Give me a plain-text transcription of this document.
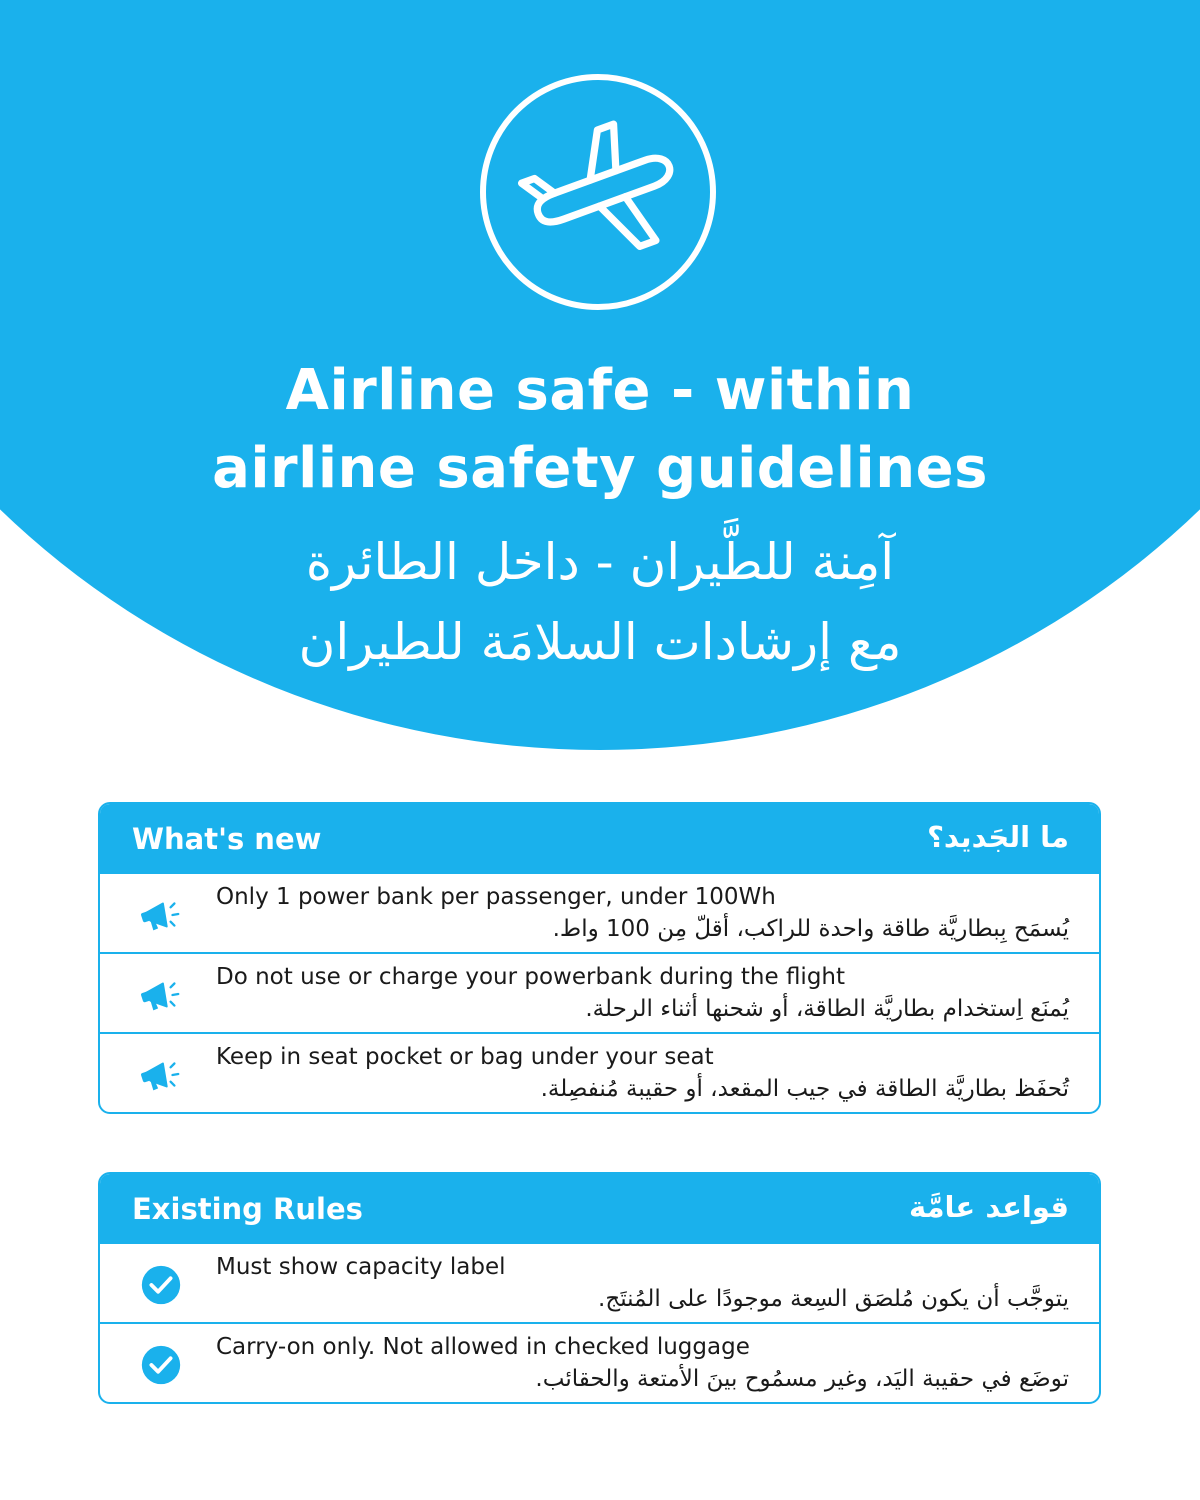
Airline safe - within
airline safety guidelines
آمِنة للطَّيران - داخل الطائرة
مع إرشادات السلامَة للطيران
What's new	ما الجَديد؟
Only 1 power bank per passenger, under 100Wh
يُسمَح بِبطاريَّة طاقة واحدة للراكب، أقلّ مِن 100 واط.
Do not use or charge your powerbank during the flight
يُمنَع اِستخدام بطاريَّة الطاقة، أو شحنها أثناء الرحلة.
Keep in seat pocket or bag under your seat
تُحفَظ بطاريَّة الطاقة في جيب المقعد، أو حقيبة مُنفصِلة.
Existing Rules	قواعد عامَّة
Must show capacity label
يتوجَّب أن يكون مُلصَق السِعة موجودًا على المُنتَج.
Carry-on only. Not allowed in checked luggage
توضَع في حقيبة اليَد، وغير مسمُوح بينَ الأمتعة والحقائب.
